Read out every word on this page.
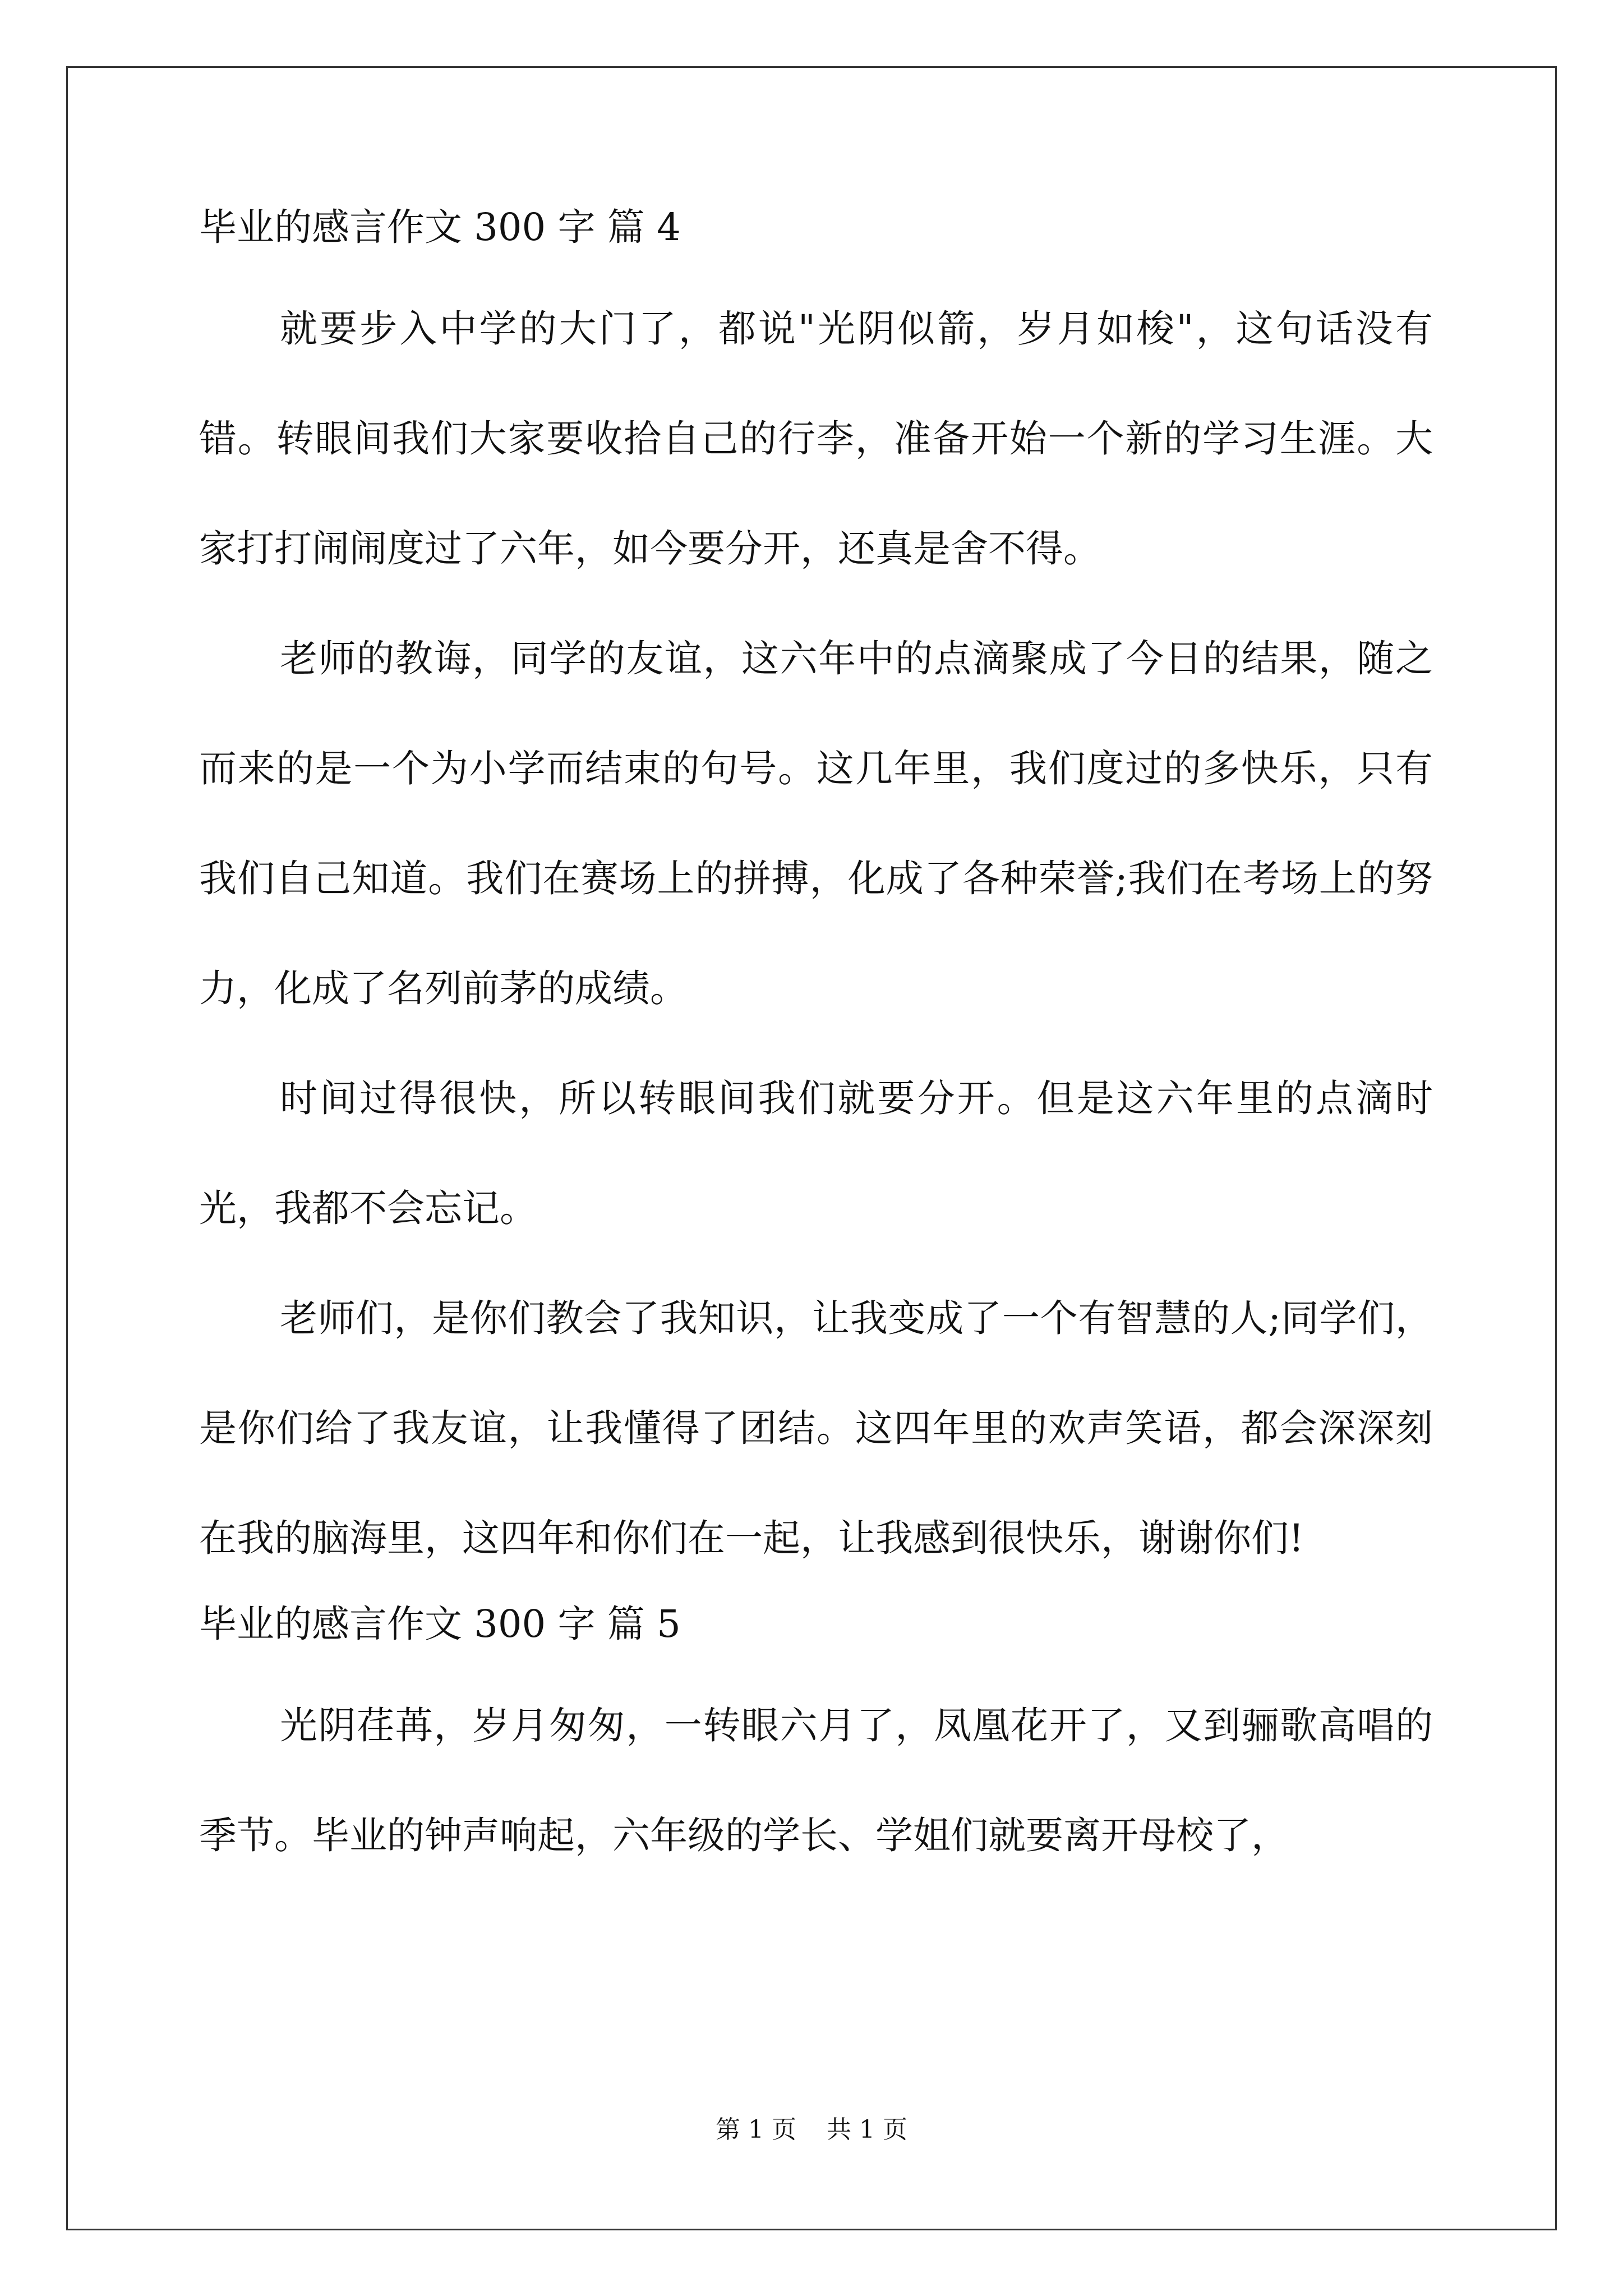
毕业的感言作文 300 字 篇 4

就要步入中学的大门了，都说"光阴似箭，岁月如梭"，这句话没有错。转眼间我们大家要收拾自己的行李，准备开始一个新的学习生涯。大家打打闹闹度过了六年，如今要分开，还真是舍不得。

老师的教诲，同学的友谊，这六年中的点滴聚成了今日的结果，随之而来的是一个为小学而结束的句号。这几年里，我们度过的多快乐，只有我们自己知道。我们在赛场上的拼搏，化成了各种荣誉;我们在考场上的努力，化成了名列前茅的成绩。

时间过得很快，所以转眼间我们就要分开。但是这六年里的点滴时光，我都不会忘记。

老师们，是你们教会了我知识，让我变成了一个有智慧的人;同学们，是你们给了我友谊，让我懂得了团结。这四年里的欢声笑语，都会深深刻在我的脑海里，这四年和你们在一起，让我感到很快乐，谢谢你们!

毕业的感言作文 300 字 篇 5

光阴荏苒，岁月匆匆，一转眼六月了，凤凰花开了，又到骊歌高唱的季节。毕业的钟声响起，六年级的学长、学姐们就要离开母校了，

第 1 页 共 1 页
